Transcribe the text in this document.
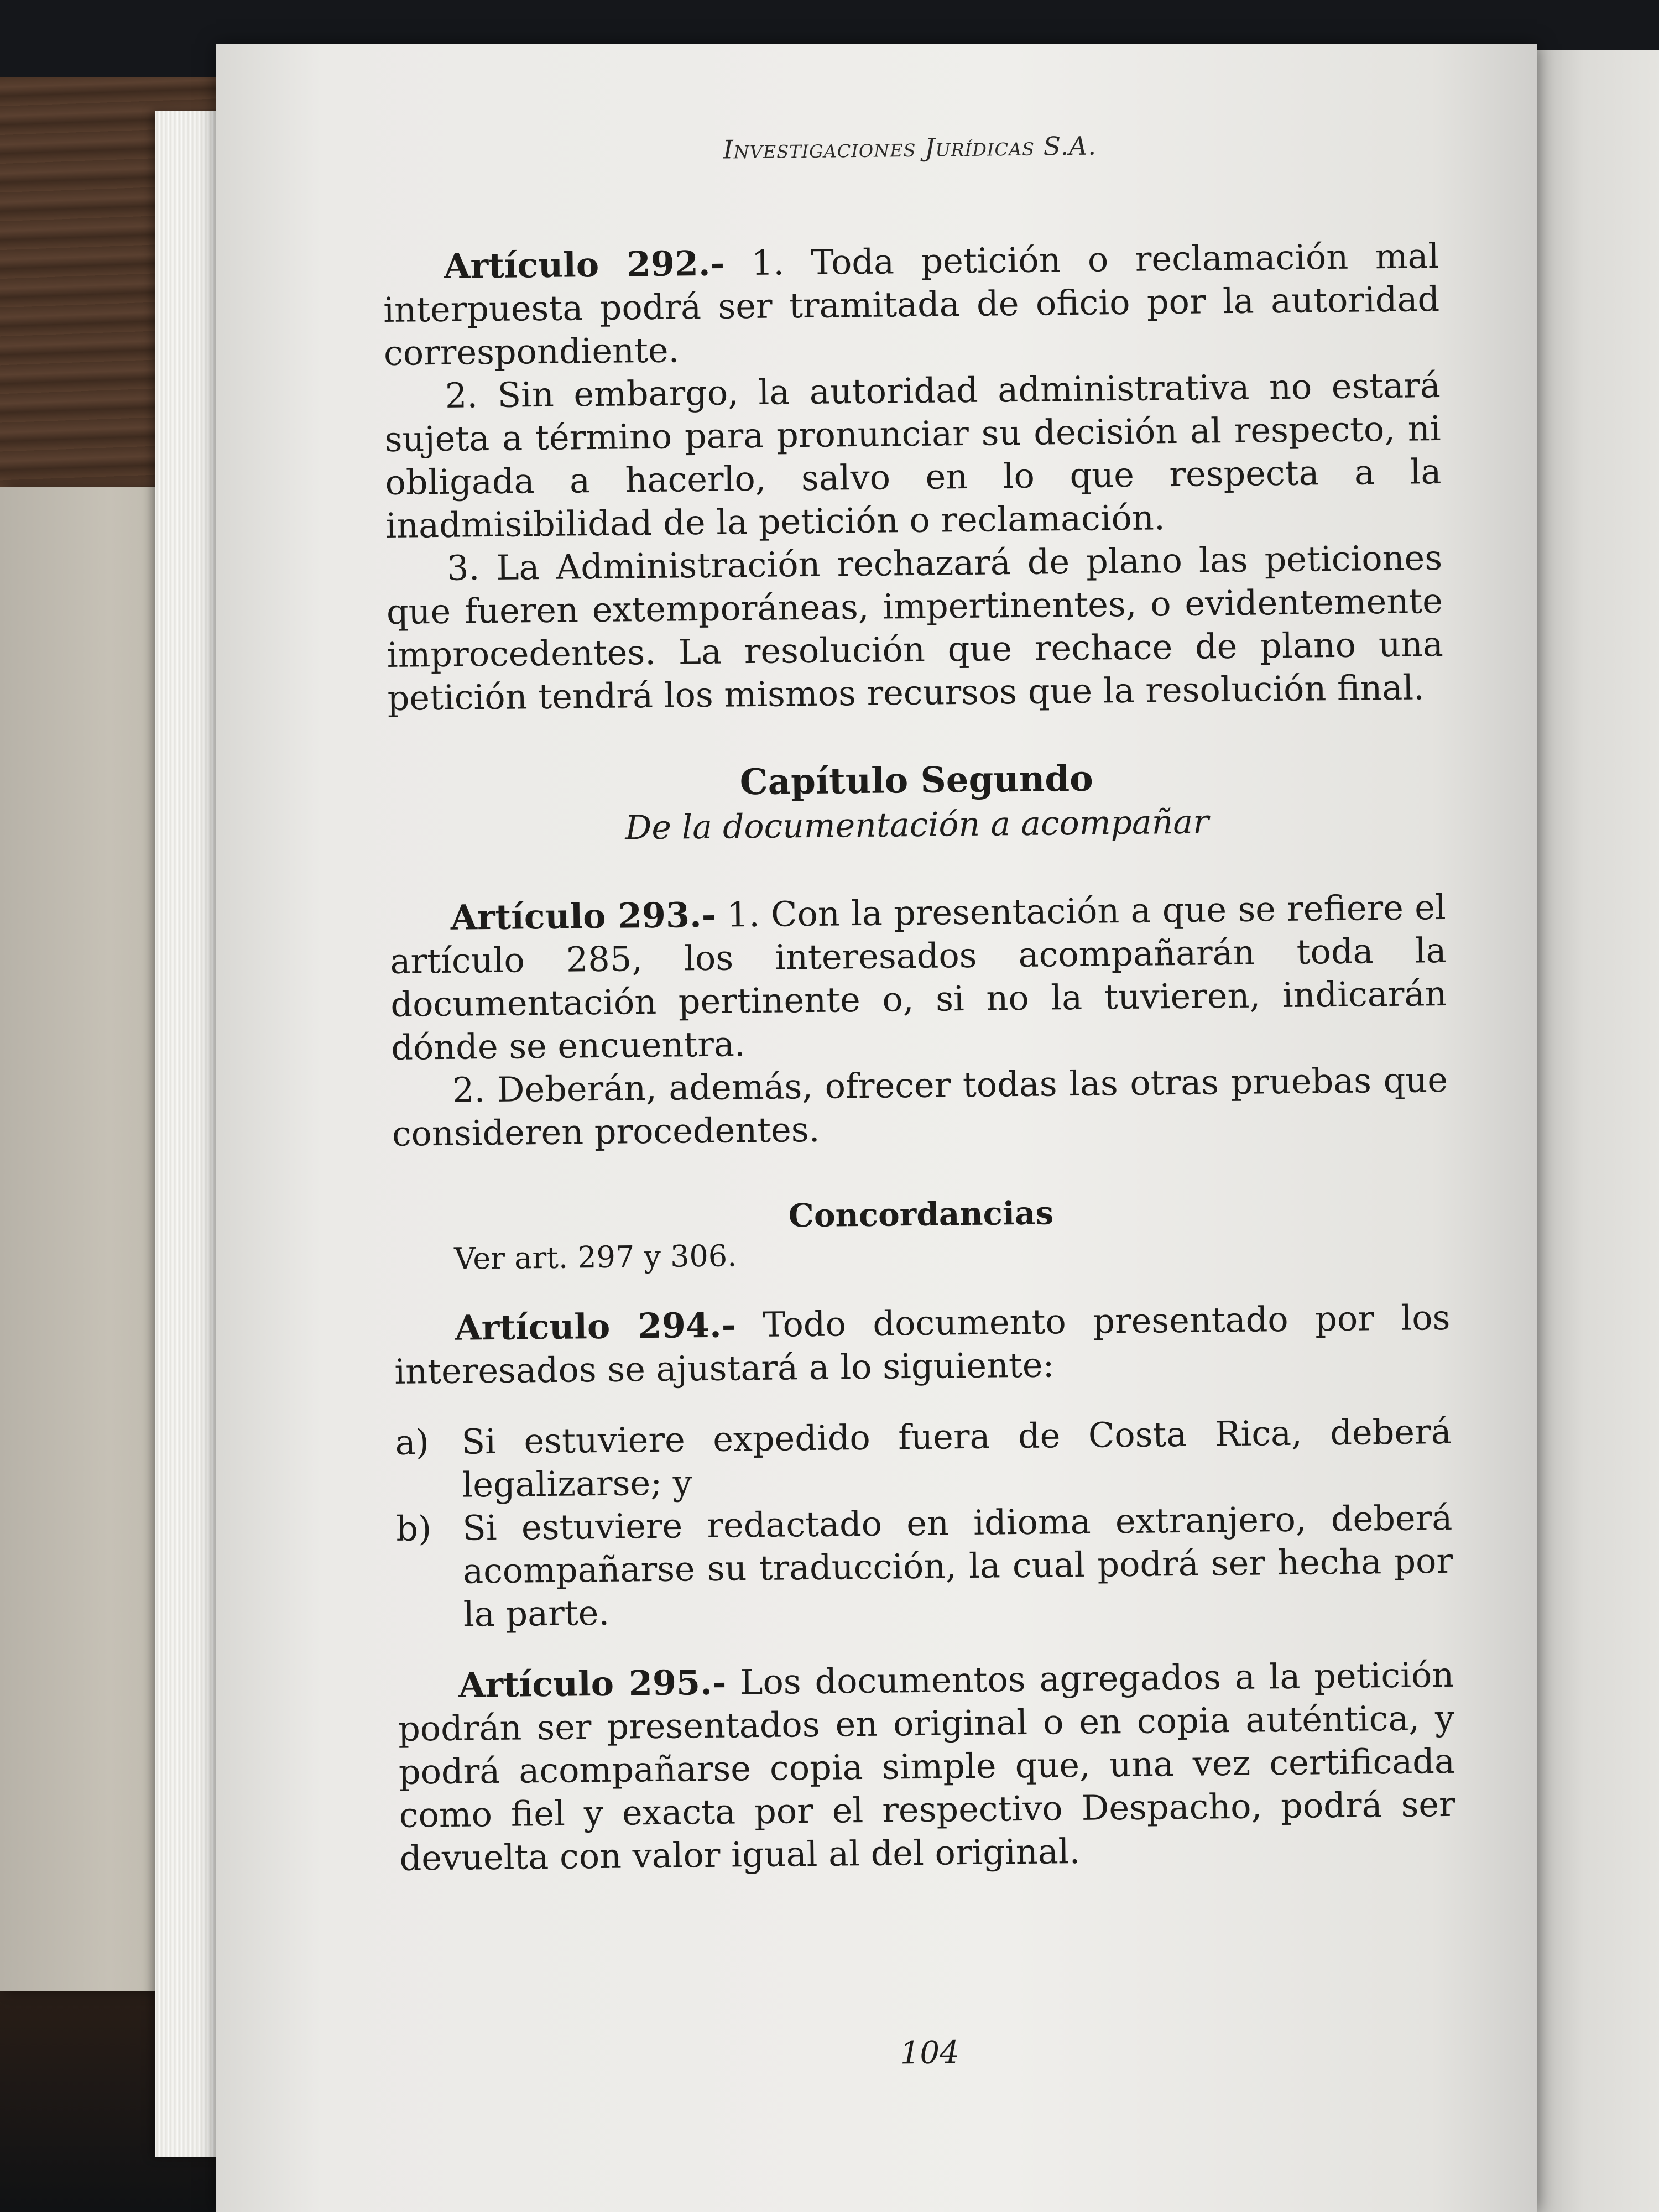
Investigaciones Jurídicas S.A.

Artículo 292.- 1. Toda petición o reclamación mal interpuesta podrá ser tramitada de oficio por la autoridad correspondiente.

2. Sin embargo, la autoridad administrativa no estará sujeta a término para pronunciar su decisión al respecto, ni obligada a hacerlo, salvo en lo que respecta a la inadmisibilidad de la petición o reclamación.

3. La Administración rechazará de plano las peticiones que fueren extemporáneas, impertinentes, o evidentemente improcedentes. La resolución que rechace de plano una petición tendrá los mismos recursos que la resolución final.

Capítulo Segundo
De la documentación a acompañar

Artículo 293.- 1. Con la presentación a que se refiere el artículo 285, los interesados acompañarán toda la documentación pertinente o, si no la tuvieren, indicarán dónde se encuentra.

2. Deberán, además, ofrecer todas las otras pruebas que consideren procedentes.

Concordancias
Ver art. 297 y 306.

Artículo 294.- Todo documento presentado por los interesados se ajustará a lo siguiente:

a) Si estuviere expedido fuera de Costa Rica, deberá legalizarse; y
b) Si estuviere redactado en idioma extranjero, deberá acompañarse su traducción, la cual podrá ser hecha por la parte.

Artículo 295.- Los documentos agregados a la petición podrán ser presentados en original o en copia auténtica, y podrá acompañarse copia simple que, una vez certificada como fiel y exacta por el respectivo Despacho, podrá ser devuelta con valor igual al del original.

104
